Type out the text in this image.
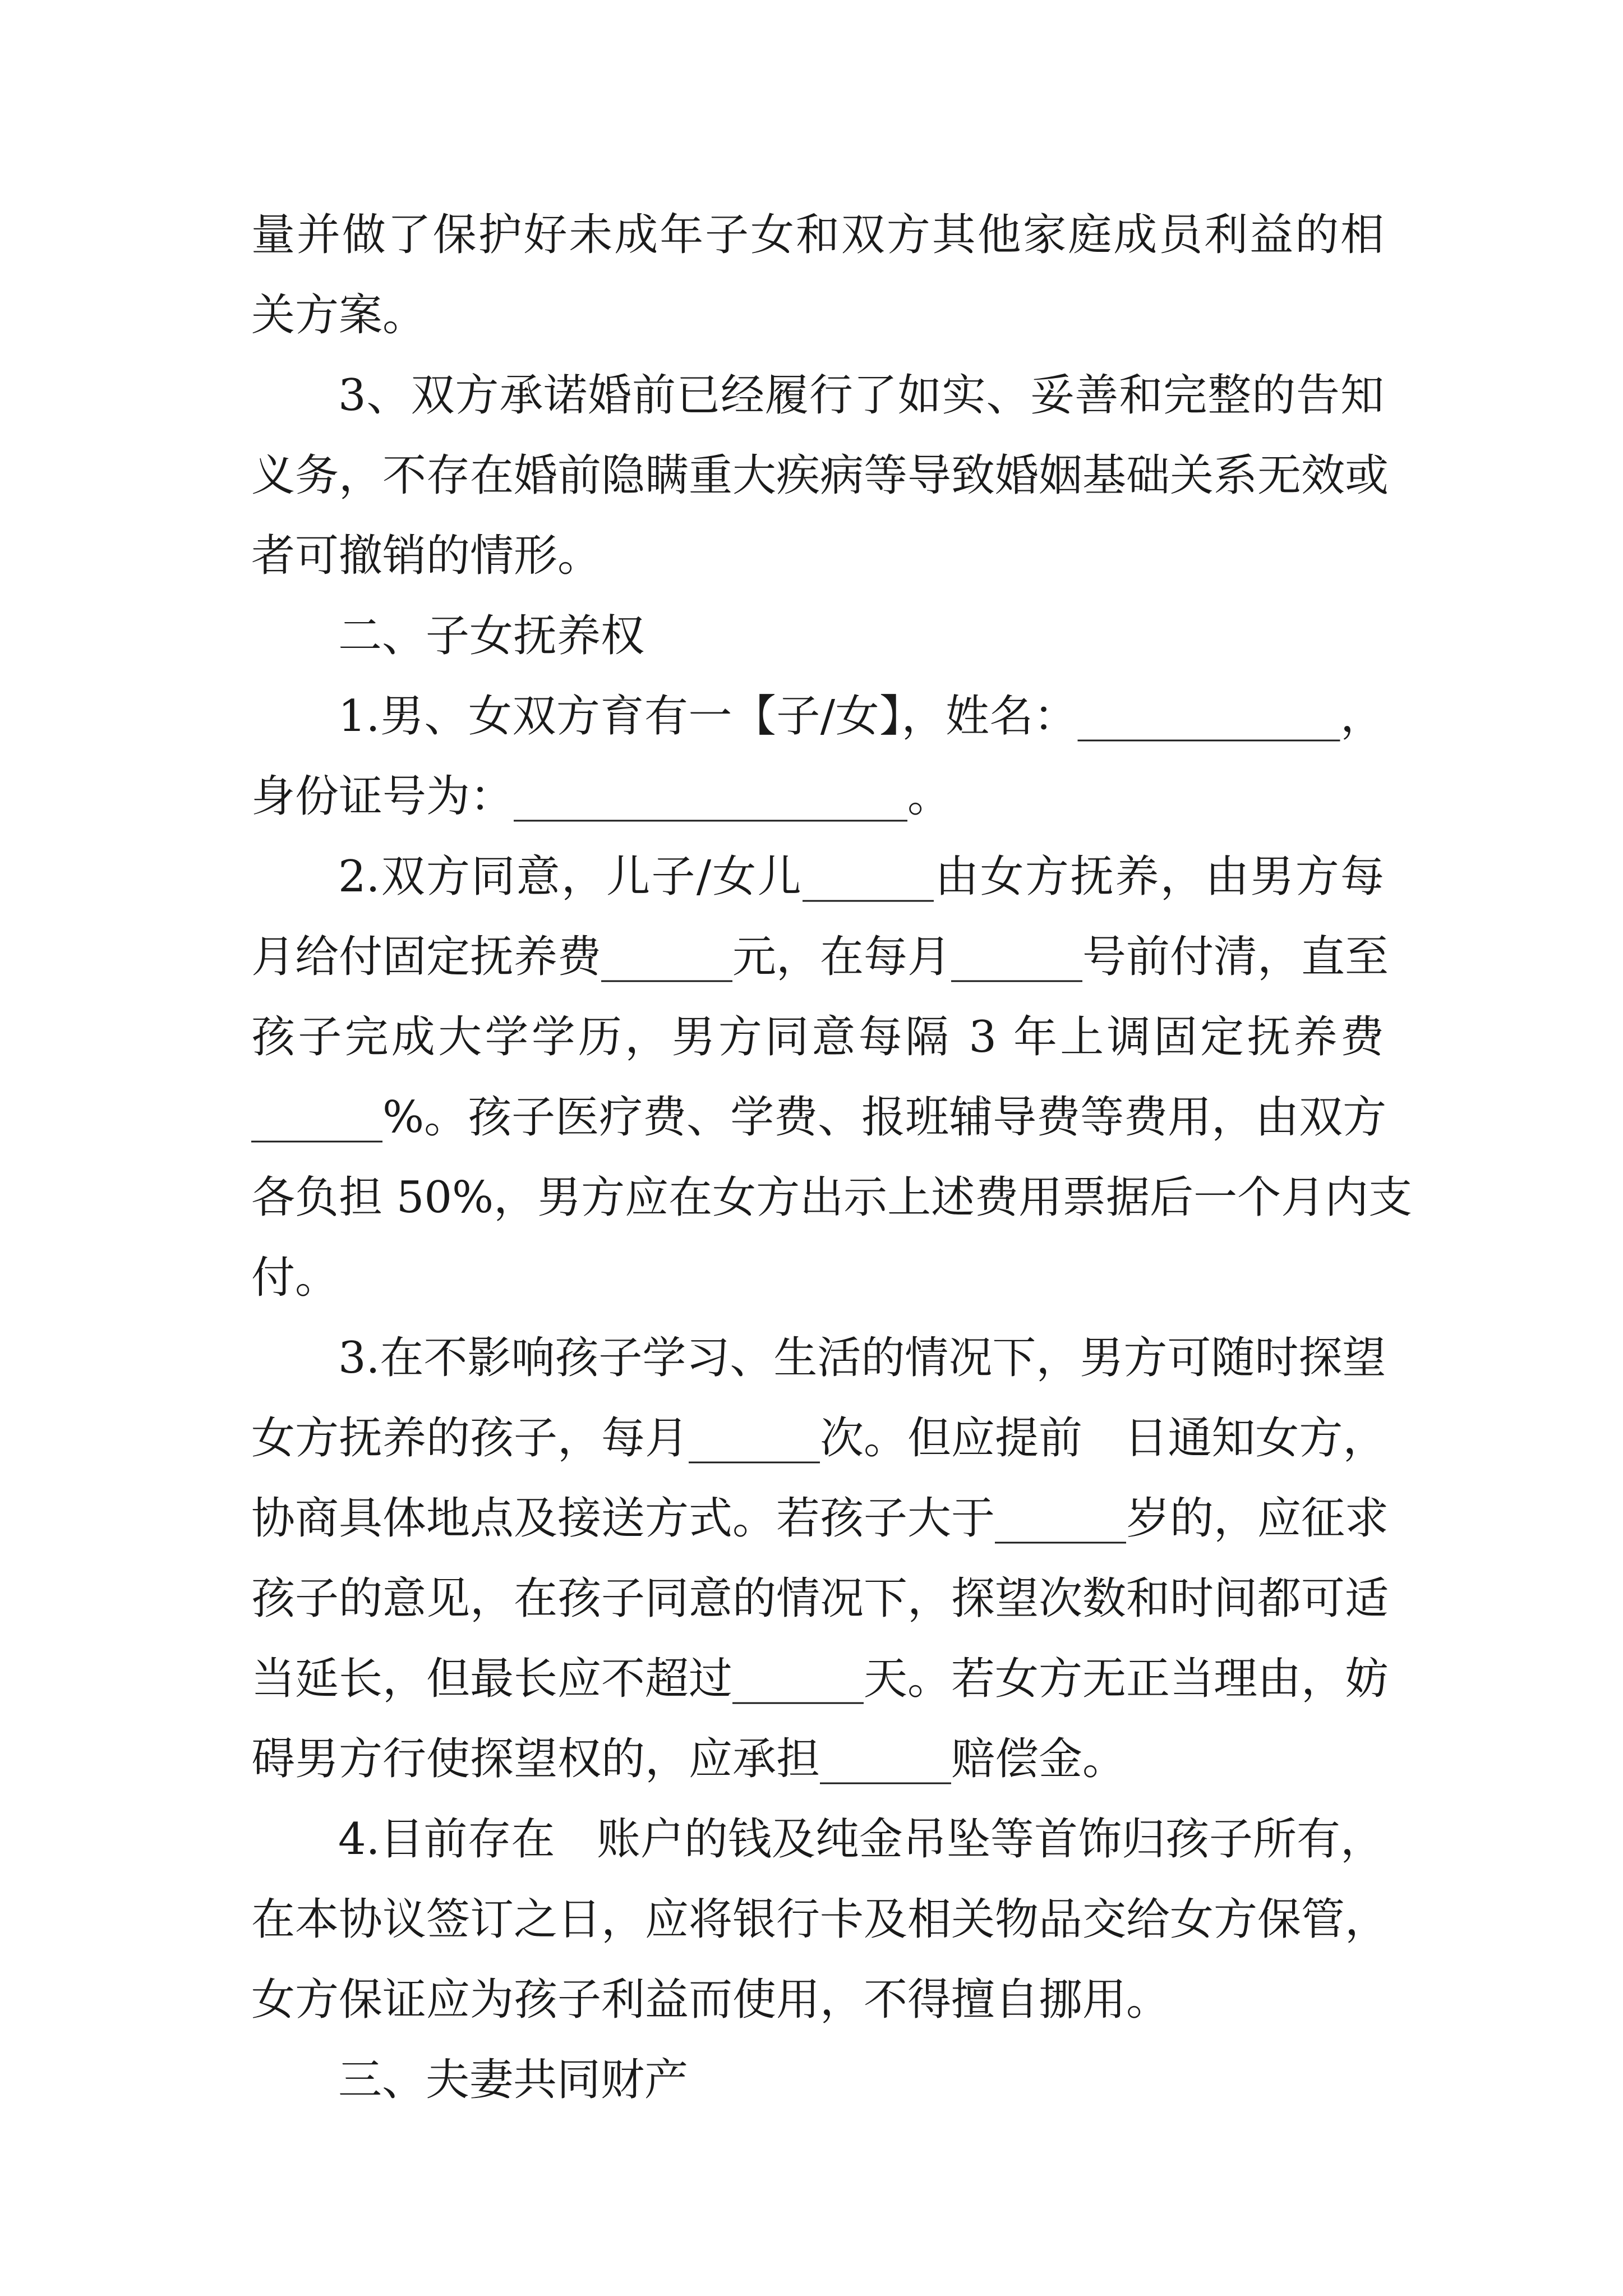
量并做了保护好未成年子女和双方其他家庭成员利益的相
关方案。
3、双方承诺婚前已经履行了如实、妥善和完整的告知
义务，不存在婚前隐瞒重大疾病等导致婚姻基础关系无效或
者可撤销的情形。
二、子女抚养权
1.男、女双方育有一【子/女】，姓名：____________，
身份证号为：__________________。
2.双方同意，儿子/女儿______由女方抚养，由男方每
月给付固定抚养费______元，在每月______号前付清，直至
孩子完成大学学历，男方同意每隔 3 年上调固定抚养费
______%。孩子医疗费、学费、报班辅导费等费用，由双方
各负担 50%，男方应在女方出示上述费用票据后一个月内支
付。
3.在不影响孩子学习、生活的情况下，男方可随时探望
女方抚养的孩子，每月______次。但应提前   日通知女方，
协商具体地点及接送方式。若孩子大于______岁的，应征求
孩子的意见，在孩子同意的情况下，探望次数和时间都可适
当延长，但最长应不超过______天。若女方无正当理由，妨
碍男方行使探望权的，应承担______赔偿金。
4.目前存在   账户的钱及纯金吊坠等首饰归孩子所有，
在本协议签订之日，应将银行卡及相关物品交给女方保管，
女方保证应为孩子利益而使用，不得擅自挪用。
三、夫妻共同财产
